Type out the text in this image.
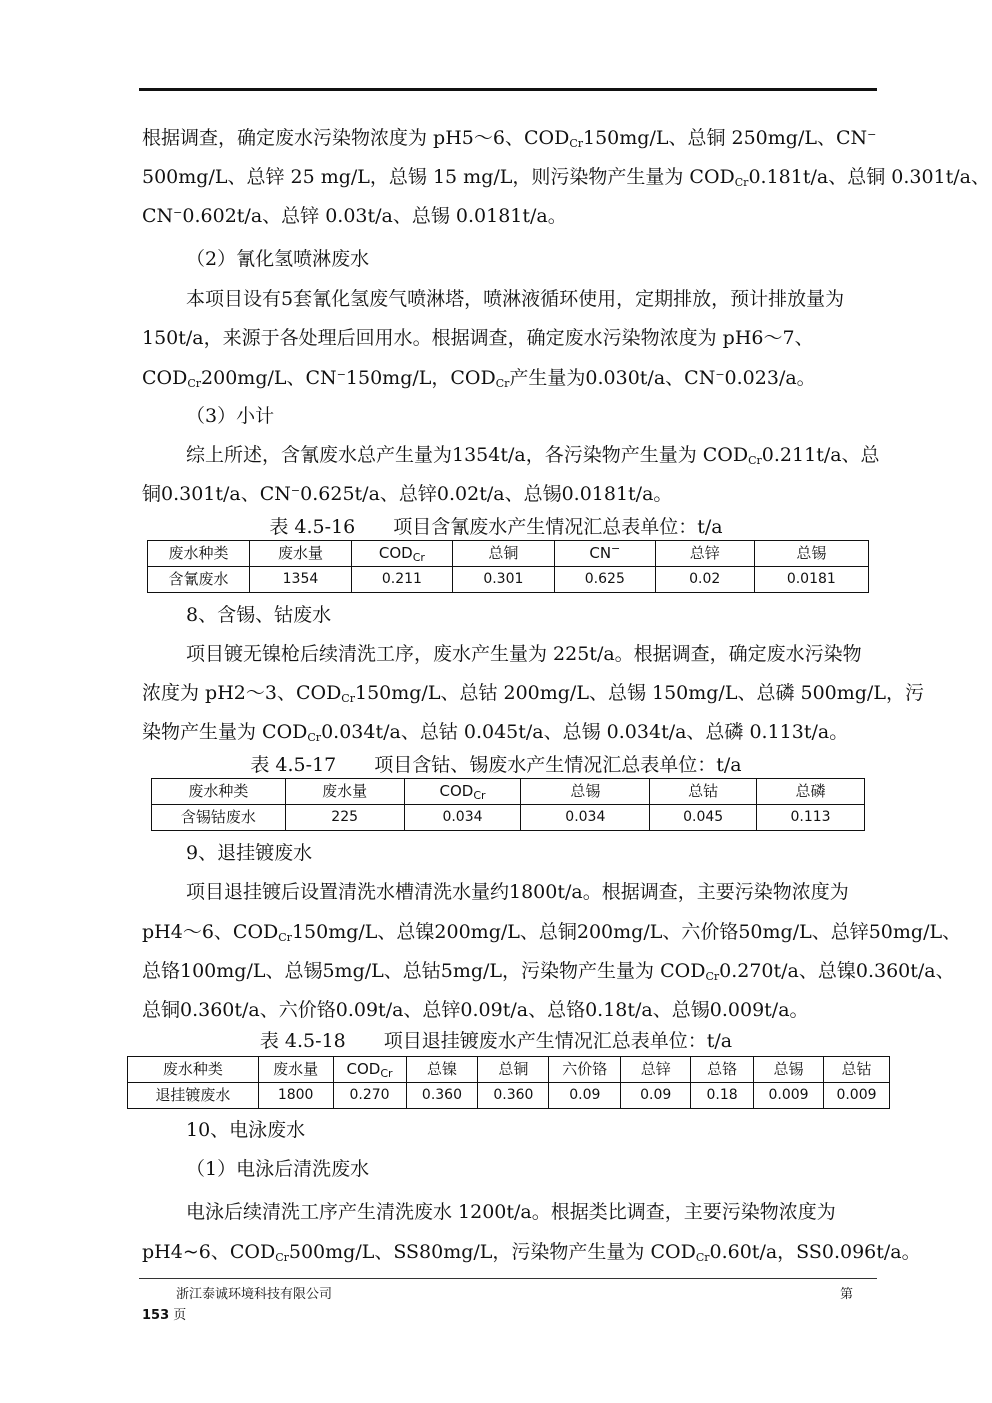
根据调查，确定废水污染物浓度为 pH5～6、$COD_{Cr}150mg/L$、总铜 250mg/L、CN−
500mg/L、总锌 25 mg/L，总锡 15 mg/L，则污染物产生量为 $COD_{Cr}0.181t/a$、总铜 0.301t/a、
CN−0.602t/a、总锌 0.03t/a、总锡 0.0181t/a。
（2）氰化氢喷淋废水
本项目设有5套氰化氢废气喷淋塔，喷淋液循环使用，定期排放，预计排放量为
150t/a，来源于各处理后回用水。根据调查，确定废水污染物浓度为 pH6～7、
$COD_{Cr}200mg/L$、CN−150mg/L，$COD_{Cr}$产生量为0.030t/a、CN−0.023/a。
（3）小计
综上所述，含氰废水总产生量为1354t/a，各污染物产生量为 $COD_{Cr}0.211t/a$、总
铜0.301t/a、CN−0.625t/a、总锌0.02t/a、总锡0.0181t/a。
表 4.5-16　　项目含氰废水产生情况汇总表单位：t/a
废水种类	废水量	$COD_{Cr}$	总铜	CN−	总锌	总锡
含氰废水	1354	0.211	0.301	0.625	0.02	0.0181
8、含锡、钴废水
项目镀无镍枪后续清洗工序，废水产生量为 225t/a。根据调查，确定废水污染物
浓度为 pH2～3、$COD_{Cr}150mg/L$、总钴 200mg/L、总锡 150mg/L、总磷 500mg/L，污
染物产生量为 $COD_{Cr}0.034t/a$、总钴 0.045t/a、总锡 0.034t/a、总磷 0.113t/a。
表 4.5-17　　项目含钴、锡废水产生情况汇总表单位：t/a
废水种类	废水量	$COD_{Cr}$	总锡	总钴	总磷
含锡钴废水	225	0.034	0.034	0.045	0.113
9、退挂镀废水
项目退挂镀后设置清洗水槽清洗水量约1800t/a。根据调查，主要污染物浓度为
pH4～6、$COD_{Cr}150mg/L$、总镍200mg/L、总铜200mg/L、六价铬50mg/L、总锌50mg/L、
总铬100mg/L、总锡5mg/L、总钴5mg/L，污染物产生量为 $COD_{Cr}0.270t/a$、总镍0.360t/a、
总铜0.360t/a、六价铬0.09t/a、总锌0.09t/a、总铬0.18t/a、总锡0.009t/a。
表 4.5-18　　项目退挂镀废水产生情况汇总表单位：t/a
废水种类	废水量	$COD_{Cr}$	总镍	总铜	六价铬	总锌	总铬	总锡	总钴
退挂镀废水	1800	0.270	0.360	0.360	0.09	0.09	0.18	0.009	0.009
10、电泳废水
（1）电泳后清洗废水
电泳后续清洗工序产生清洗废水 1200t/a。根据类比调查，主要污染物浓度为
pH4~6、$COD_{Cr}500mg/L$、SS80mg/L，污染物产生量为 $COD_{Cr}0.60t/a$，SS0.096t/a。
浙江泰诚环境科技有限公司	第
153 页
